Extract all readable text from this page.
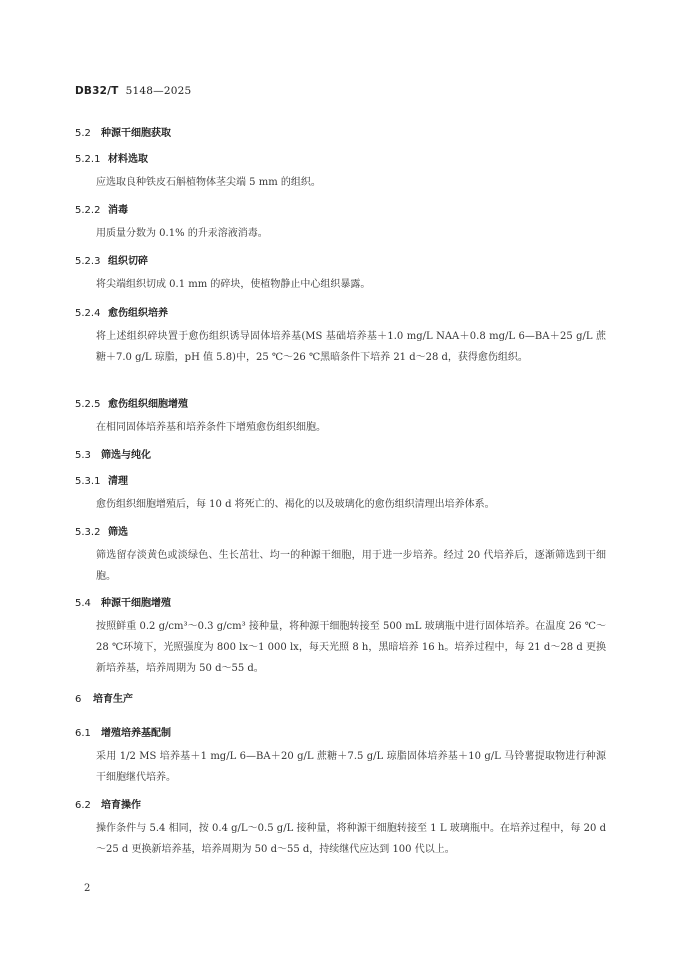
DB32/T 5148—2025
5.2 种源干细胞获取
5.2.1 材料选取
应选取良种铁皮石斛植物体茎尖端 5 mm 的组织。
5.2.2 消毒
用质量分数为 0.1% 的升汞溶液消毒。
5.2.3 组织切碎
将尖端组织切成 0.1 mm 的碎块，使植物静止中心组织暴露。
5.2.4 愈伤组织培养
将上述组织碎块置于愈伤组织诱导固体培养基(MS 基础培养基＋1.0 mg/L NAA＋0.8 mg/L 6—BA＋25 g/L 蔗糖＋7.0 g/L 琼脂，pH 值 5.8)中，25 ℃～26 ℃黑暗条件下培养 21 d～28 d，获得愈伤组织。
5.2.5 愈伤组织细胞增殖
在相同固体培养基和培养条件下增殖愈伤组织细胞。
5.3 筛选与纯化
5.3.1 清理
愈伤组织细胞增殖后，每 10 d 将死亡的、褐化的以及玻璃化的愈伤组织清理出培养体系。
5.3.2 筛选
筛选留存淡黄色或淡绿色、生长茁壮、均一的种源干细胞，用于进一步培养。经过 20 代培养后，逐渐筛选到干细胞。
5.4 种源干细胞增殖
按照鲜重 0.2 g/cm³～0.3 g/cm³ 接种量，将种源干细胞转接至 500 mL 玻璃瓶中进行固体培养。在温度 26 ℃～28 ℃环境下，光照强度为 800 lx～1 000 lx，每天光照 8 h，黑暗培养 16 h。培养过程中，每 21 d～28 d 更换新培养基，培养周期为 50 d～55 d。
6 培育生产
6.1 增殖培养基配制
采用 1/2 MS 培养基＋1 mg/L 6—BA＋20 g/L 蔗糖＋7.5 g/L 琼脂固体培养基＋10 g/L 马铃薯提取物进行种源干细胞继代培养。
6.2 培育操作
操作条件与 5.4 相同，按 0.4 g/L～0.5 g/L 接种量，将种源干细胞转接至 1 L 玻璃瓶中。在培养过程中，每 20 d～25 d 更换新培养基，培养周期为 50 d～55 d，持续继代应达到 100 代以上。
2
